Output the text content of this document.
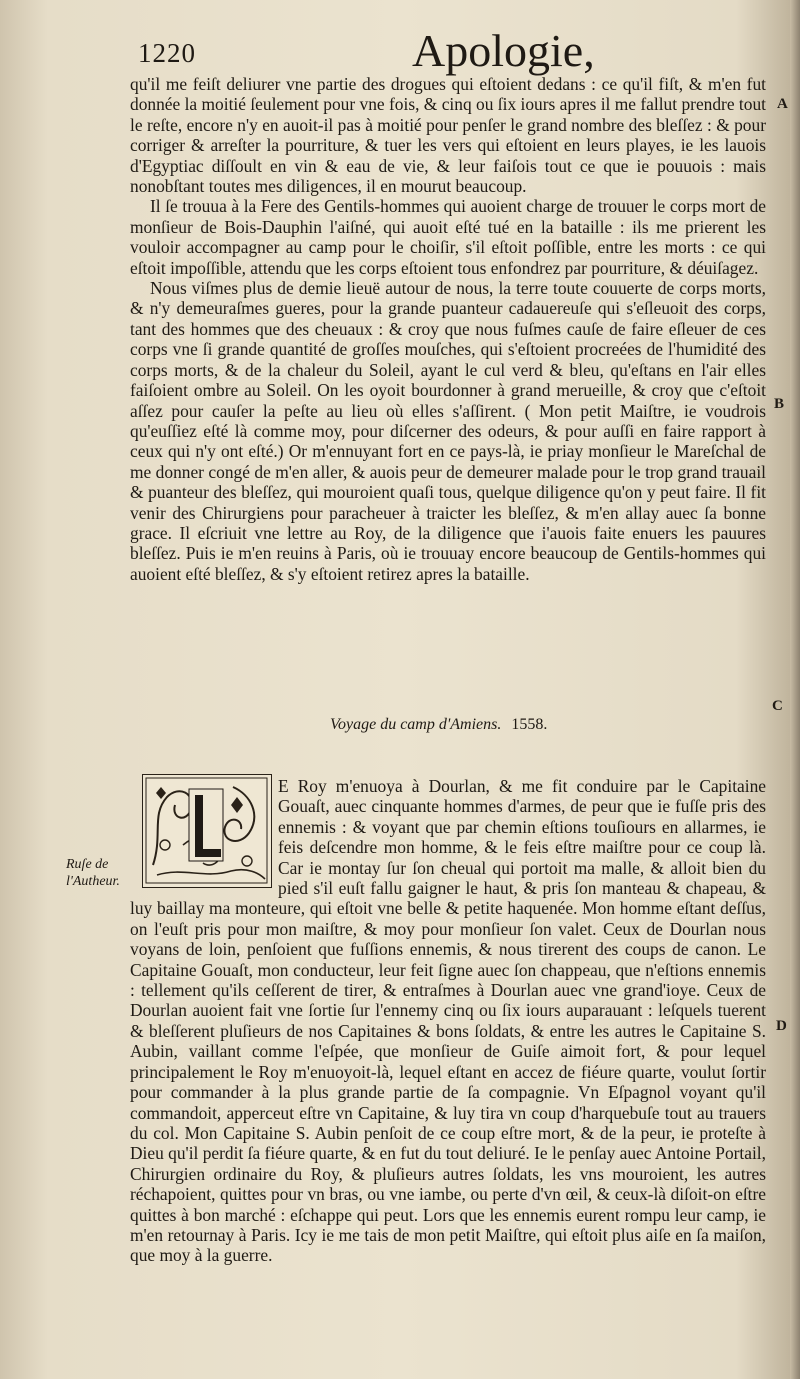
1220	Apologie,
A
B
C
D

qu'il me feiſt deliurer vne partie des drogues qui eſtoient dedans : ce qu'il fiſt, & m'en fut donnée la moitié ſeulement pour vne fois, & cinq ou ſix iours apres il me fallut prendre tout le reſte, encore n'y en auoit-il pas à moitié pour penſer le grand nombre des bleſſez : & pour corriger & arreſter la pourriture, & tuer les vers qui eſtoient en leurs playes, ie les lauois d'Egyptiac diſſoult en vin & eau de vie, & leur faiſois tout ce que ie pouuois : mais nonobſtant toutes mes diligences, il en mourut beaucoup.

Il ſe trouua à la Fere des Gentils-hommes qui auoient charge de trouuer le corps mort de monſieur de Bois-Dauphin l'aiſné, qui auoit eſté tué en la bataille : ils me prierent les vouloir accompagner au camp pour le choiſir, s'il eſtoit poſſible, entre les morts : ce qui eſtoit impoſſible, attendu que les corps eſtoient tous enfondrez par pourriture, & déuiſagez.

Nous viſmes plus de demie lieuë autour de nous, la terre toute couuerte de corps morts, & n'y demeuraſmes gueres, pour la grande puanteur cadauereuſe qui s'eſleuoit des corps, tant des hommes que des cheuaux : & croy que nous fuſmes cauſe de faire eſleuer de ces corps vne ſi grande quantité de groſſes mouſches, qui s'eſtoient procreées de l'humidité des corps morts, & de la chaleur du Soleil, ayant le cul verd & bleu, qu'eſtans en l'air elles faiſoient ombre au Soleil. On les oyoit bourdonner à grand merueille, & croy que c'eſtoit aſſez pour cauſer la peſte au lieu où elles s'aſſirent. ( Mon petit Maiſtre, ie voudrois qu'euſſiez eſté là comme moy, pour diſcerner des odeurs, & pour auſſi en faire rapport à ceux qui n'y ont eſté.) Or m'ennuyant fort en ce pays-là, ie priay monſieur le Mareſchal de me donner congé de m'en aller, & auois peur de demeurer malade pour le trop grand trauail & puanteur des bleſſez, qui mouroient quaſi tous, quelque diligence qu'on y peut faire. Il fit venir des Chirurgiens pour paracheuer à traicter les bleſſez, & m'en allay auec ſa bonne grace. Il eſcriuit vne lettre au Roy, de la diligence que i'auois faite enuers les pauures bleſſez. Puis ie m'en reuins à Paris, où ie trouuay encore beaucoup de Gentils-hommes qui auoient eſté bleſſez, & s'y eſtoient retirez apres la bataille.

Voyage du camp d'Amiens. 1558.
Ruſe de l'Autheur.

E Roy m'enuoya à Dourlan, & me fit conduire par le Capitaine Gouaſt, auec cinquante hommes d'armes, de peur que ie fuſſe pris des ennemis : & voyant que par chemin eſtions touſiours en allarmes, ie feis deſcendre mon homme, & le feis eſtre maiſtre pour ce coup là. Car ie montay ſur ſon cheual qui portoit ma malle, & alloit bien du pied s'il euſt fallu gaigner le haut, & pris ſon manteau & chapeau, & luy baillay ma monteure, qui eſtoit vne belle & petite haquenée. Mon homme eſtant deſſus, on l'euſt pris pour mon maiſtre, & moy pour monſieur ſon valet. Ceux de Dourlan nous voyans de loin, penſoient que fuſſions ennemis, & nous tirerent des coups de canon. Le Capitaine Gouaſt, mon conducteur, leur feit ſigne auec ſon chappeau, que n'eſtions ennemis : tellement qu'ils ceſſerent de tirer, & entraſmes à Dourlan auec vne grand'ioye. Ceux de Dourlan auoient fait vne ſortie ſur l'ennemy cinq ou ſix iours auparauant : leſquels tuerent & bleſſerent pluſieurs de nos Capitaines & bons ſoldats, & entre les autres le Capitaine S. Aubin, vaillant comme l'eſpée, que monſieur de Guiſe aimoit fort, & pour lequel principalement le Roy m'enuoyoit-là, lequel eſtant en accez de fiéure quarte, voulut ſortir pour commander à la plus grande partie de ſa compagnie. Vn Eſpagnol voyant qu'il commandoit, apperceut eſtre vn Capitaine, & luy tira vn coup d'harquebuſe tout au trauers du col. Mon Capitaine S. Aubin penſoit de ce coup eſtre mort, & de la peur, ie proteſte à Dieu qu'il perdit ſa fiéure quarte, & en fut du tout deliuré. Ie le penſay auec Antoine Portail, Chirurgien ordinaire du Roy, & pluſieurs autres ſoldats, les vns mouroient, les autres réchapoient, quittes pour vn bras, ou vne iambe, ou perte d'vn œil, & ceux-là diſoit-on eſtre quittes à bon marché : eſchappe qui peut. Lors que les ennemis eurent rompu leur camp, ie m'en retournay à Paris. Icy ie me tais de mon petit Maiſtre, qui eſtoit plus aiſe en ſa maiſon, que moy à la guerre.
